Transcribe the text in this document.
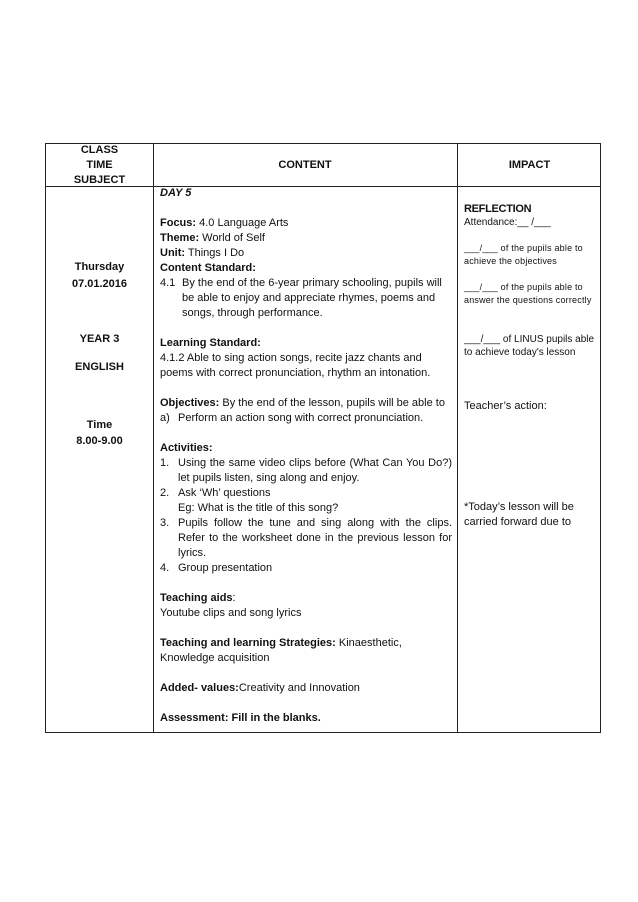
CLASS
TIME
SUBJECT
CONTENT	IMPACT
Thursday
07.01.2016
YEAR 3
ENGLISH
Time
8.00-9.00

DAY 5

Focus: 4.0 Language Arts

Theme: World of Self

Unit: Things I Do

Content Standard:

4.1 By the end of the 6-year primary schooling, pupils will be able to enjoy and appreciate rhymes, poems and songs, through performance.

Learning Standard:

4.1.2 Able to sing action songs, recite jazz chants and poems with correct pronunciation, rhythm an intonation.

Objectives: By the end of the lesson, pupils will be able to

a) Perform an action song with correct pronunciation.

Activities:

1. Using the same video clips before (What Can You Do?) let pupils listen, sing along and enjoy.
2. Ask ‘Wh’ questions
Eg: What is the title of this song?
3. Pupils follow the tune and sing along with the clips. Refer to the worksheet done in the previous lesson for lyrics.
4. Group presentation

Teaching aids:

Youtube clips and song lyrics

Teaching and learning Strategies: Kinaesthetic, Knowledge acquisition

Added- values:Creativity and Innovation

Assessment: Fill in the blanks.

REFLECTION

Attendance:__ /___

___/___ of the pupils able to achieve the objectives

___/___ of the pupils able to answer the questions correctly

___/___ of LINUS pupils able to achieve today's lesson

Teacher’s action:

*Today’s lesson will be carried forward due to
